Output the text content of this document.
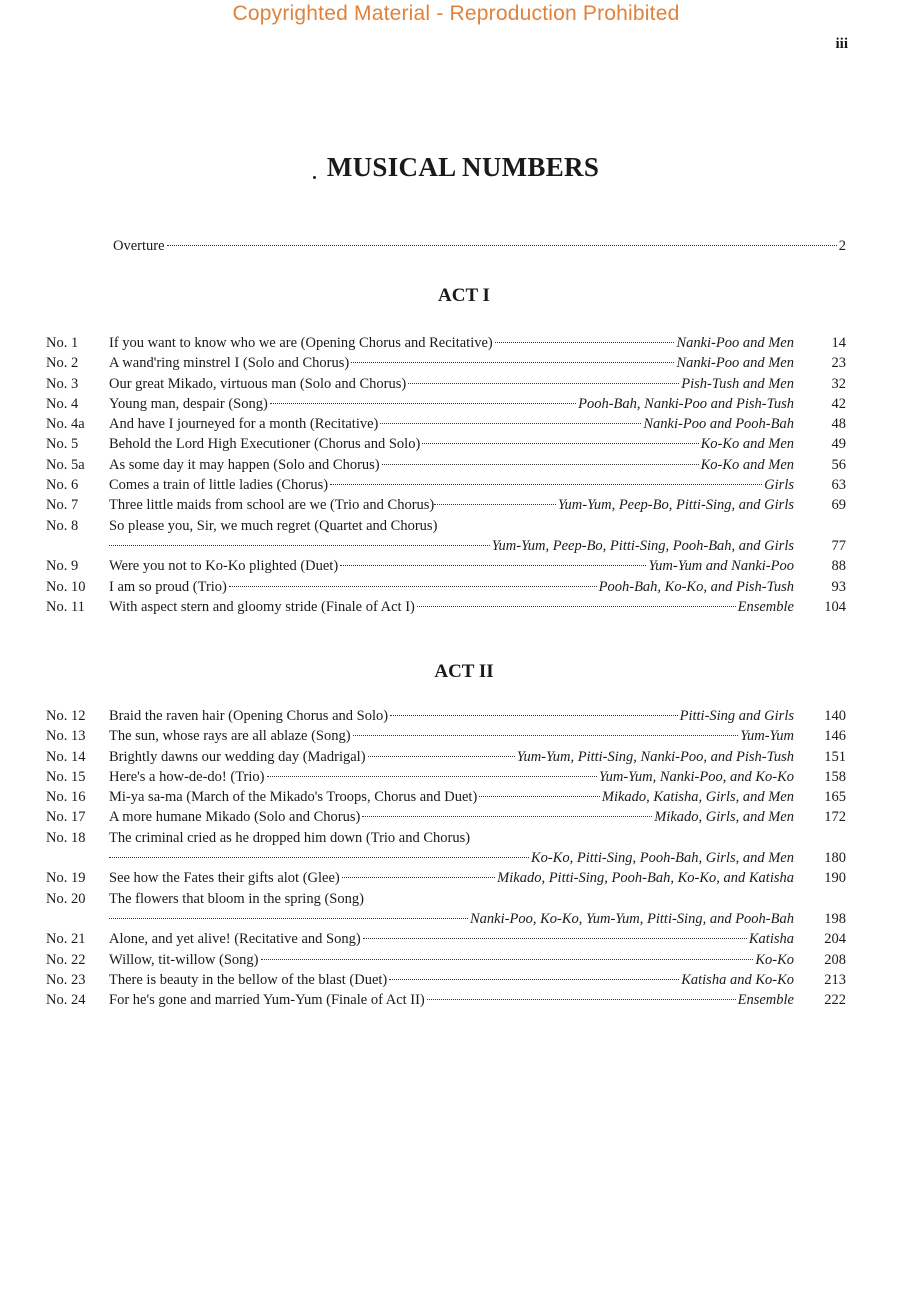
Copyrighted Material - Reproduction Prohibited
iii
MUSICAL NUMBERS
Overture	2
ACT I
No. 1	If you want to know who we are (Opening Chorus and Recitative)	Nanki-Poo and Men	14
No. 2	A wand'ring minstrel I (Solo and Chorus)	Nanki-Poo and Men	23
No. 3	Our great Mikado, virtuous man (Solo and Chorus)	Pish-Tush and Men	32
No. 4	Young man, despair (Song)	Pooh-Bah, Nanki-Poo and Pish-Tush	42
No. 4a	And have I journeyed for a month (Recitative)	Nanki-Poo and Pooh-Bah	48
No. 5	Behold the Lord High Executioner (Chorus and Solo)	Ko-Ko and Men	49
No. 5a	As some day it may happen (Solo and Chorus)	Ko-Ko and Men	56
No. 6	Comes a train of little ladies (Chorus)	Girls	63
No. 7	Three little maids from school are we (Trio and Chorus)	Yum-Yum, Peep-Bo, Pitti-Sing, and Girls	69
No. 8	So please you, Sir, we much regret (Quartet and Chorus)
Yum-Yum, Peep-Bo, Pitti-Sing, Pooh-Bah, and Girls	77
No. 9	Were you not to Ko-Ko plighted (Duet)	Yum-Yum and Nanki-Poo	88
No. 10	I am so proud (Trio)	Pooh-Bah, Ko-Ko, and Pish-Tush	93
No. 11	With aspect stern and gloomy stride (Finale of Act I)	Ensemble	104
ACT II
No. 12	Braid the raven hair (Opening Chorus and Solo)	Pitti-Sing and Girls	140
No. 13	The sun, whose rays are all ablaze (Song)	Yum-Yum	146
No. 14	Brightly dawns our wedding day (Madrigal)	Yum-Yum, Pitti-Sing, Nanki-Poo, and Pish-Tush	151
No. 15	Here's a how-de-do! (Trio)	Yum-Yum, Nanki-Poo, and Ko-Ko	158
No. 16	Mi-ya sa-ma (March of the Mikado's Troops, Chorus and Duet)	Mikado, Katisha, Girls, and Men	165
No. 17	A more humane Mikado (Solo and Chorus)	Mikado, Girls, and Men	172
No. 18	The criminal cried as he dropped him down (Trio and Chorus)
Ko-Ko, Pitti-Sing, Pooh-Bah, Girls, and Men	180
No. 19	See how the Fates their gifts alot (Glee)	Mikado, Pitti-Sing, Pooh-Bah, Ko-Ko, and Katisha	190
No. 20	The flowers that bloom in the spring (Song)
Nanki-Poo, Ko-Ko, Yum-Yum, Pitti-Sing, and Pooh-Bah	198
No. 21	Alone, and yet alive! (Recitative and Song)	Katisha	204
No. 22	Willow, tit-willow (Song)	Ko-Ko	208
No. 23	There is beauty in the bellow of the blast (Duet)	Katisha and Ko-Ko	213
No. 24	For he's gone and married Yum-Yum (Finale of Act II)	Ensemble	222
